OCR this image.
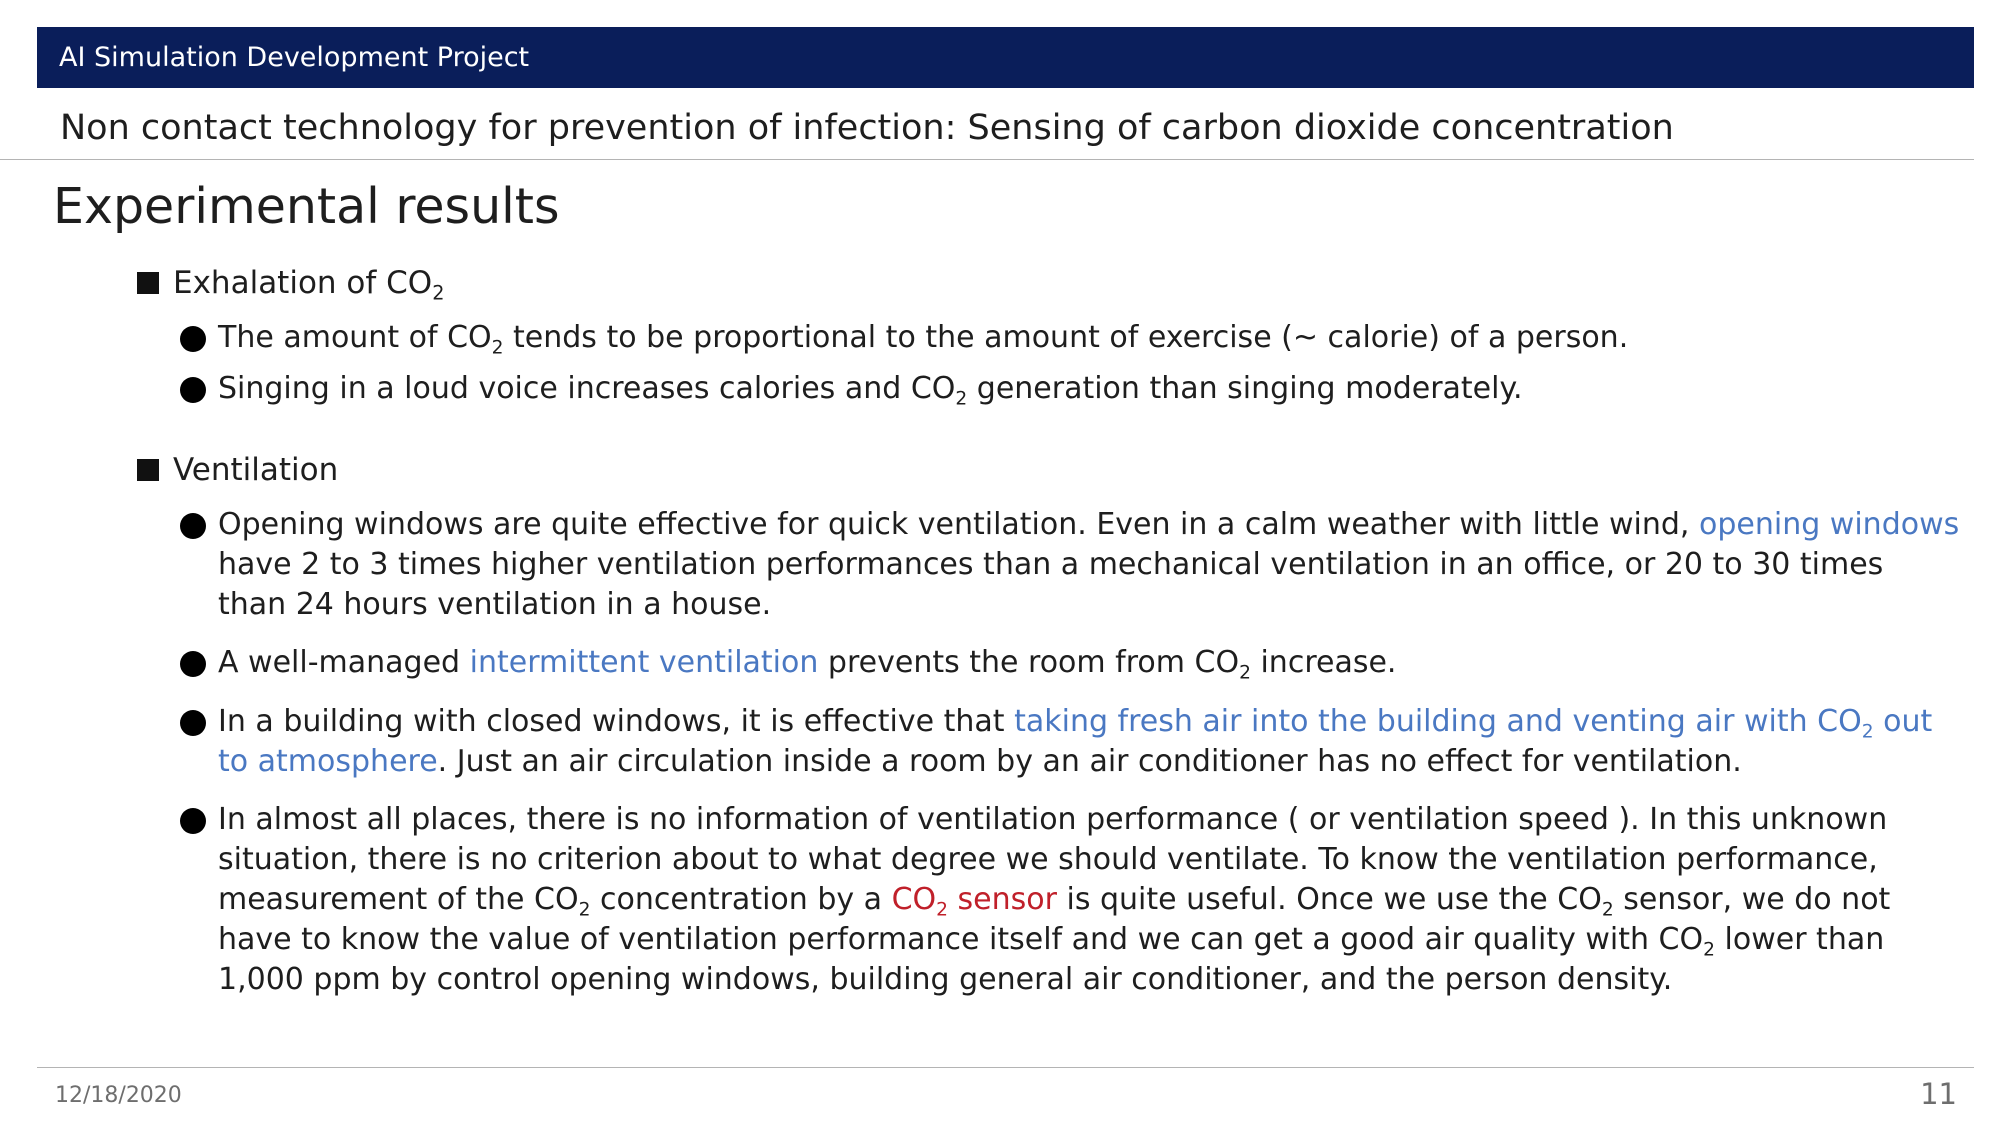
AI Simulation Development Project
Non contact technology for prevention of infection: Sensing of carbon dioxide concentration
Experimental results
Exhalation of $CO_2$
The amount of $CO_2$ tends to be proportional to the amount of exercise (~ calorie) of a person.
Singing in a loud voice increases calories and $CO_2$ generation than singing moderately.
Ventilation
Opening windows are quite effective for quick ventilation. Even in a calm weather with little wind, opening windows have 2 to 3 times higher ventilation performances than a mechanical ventilation in an office, or 20 to 30 times than 24 hours ventilation in a house.
A well-managed intermittent ventilation prevents the room from $CO_2$ increase.
In a building with closed windows, it is effective that taking fresh air into the building and venting air with $CO_2$ out to atmosphere. Just an air circulation inside a room by an air conditioner has no effect for ventilation.
In almost all places, there is no information of ventilation performance ( or ventilation speed ). In this unknown situation, there is no criterion about to what degree we should ventilate. To know the ventilation performance, measurement of the $CO_2$ concentration by a $CO_2$ sensor is quite useful. Once we use the $CO_2$ sensor, we do not have to know the value of ventilation performance itself and we can get a good air quality with $CO_2$ lower than 1,000 ppm by control opening windows, building general air conditioner, and the person density.
12/18/2020	11
